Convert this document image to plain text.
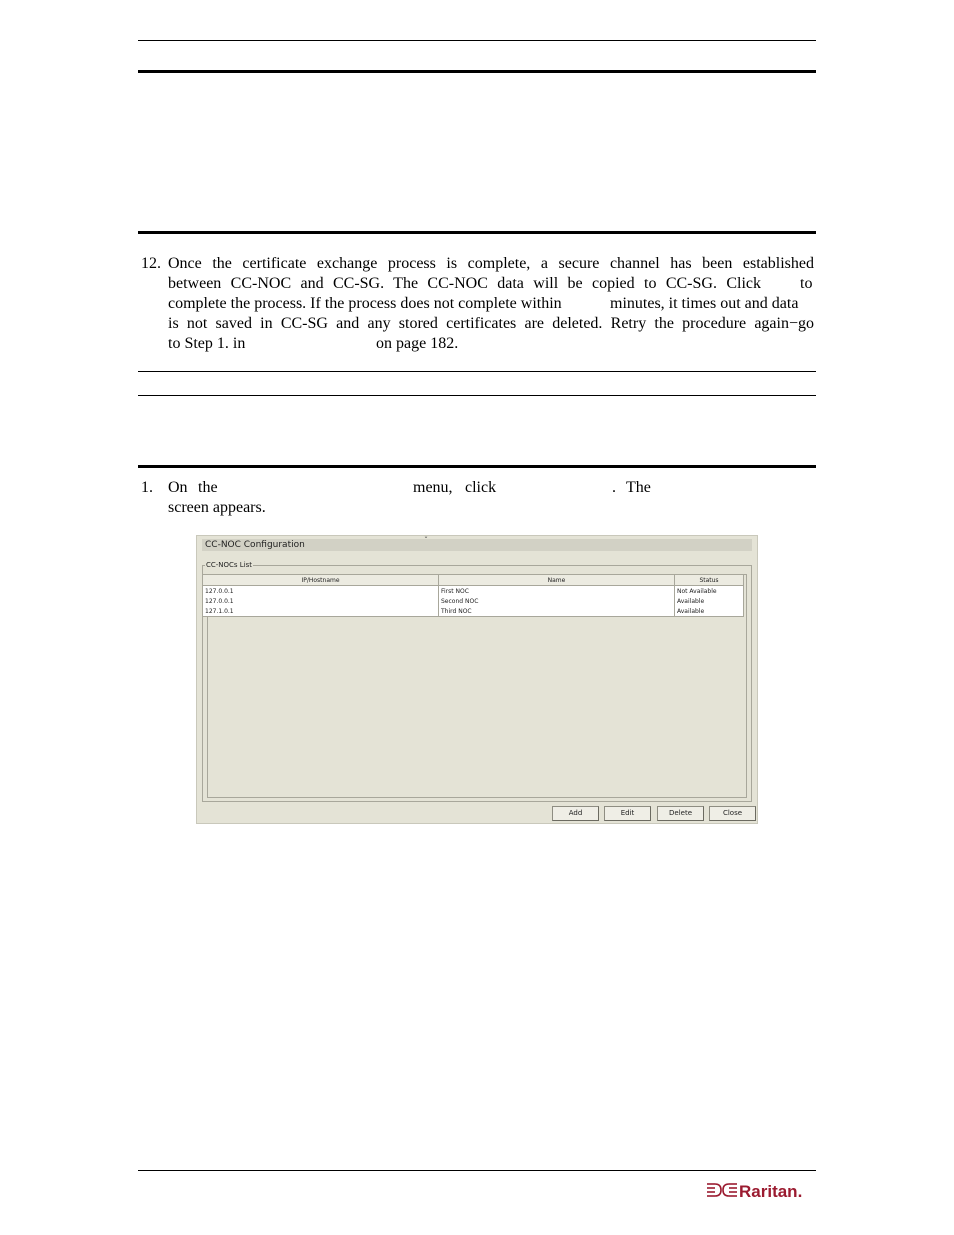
12. Once the certificate exchange process is complete, a secure channel has been established
between CC-NOC and CC-SG. The CC-NOC data will be copied to CC-SG. Click to
complete the process. If the process does not complete within	minutes, it times out and data
is not saved in CC-SG and any stored certificates are deleted. Retry the procedure again−go
to Step 1. in	on page 182.
1. On the	menu, click	. The
screen appears.
CC-NOC Configuration	ˇ
CC-NOCs List
IP/Hostname	Name	Status
127.0.0.1	First NOC	Not Available
127.0.0.1	Second NOC	Available
127.1.0.1	Third NOC	Available
Add	Edit	Delete	Close
Raritan.
